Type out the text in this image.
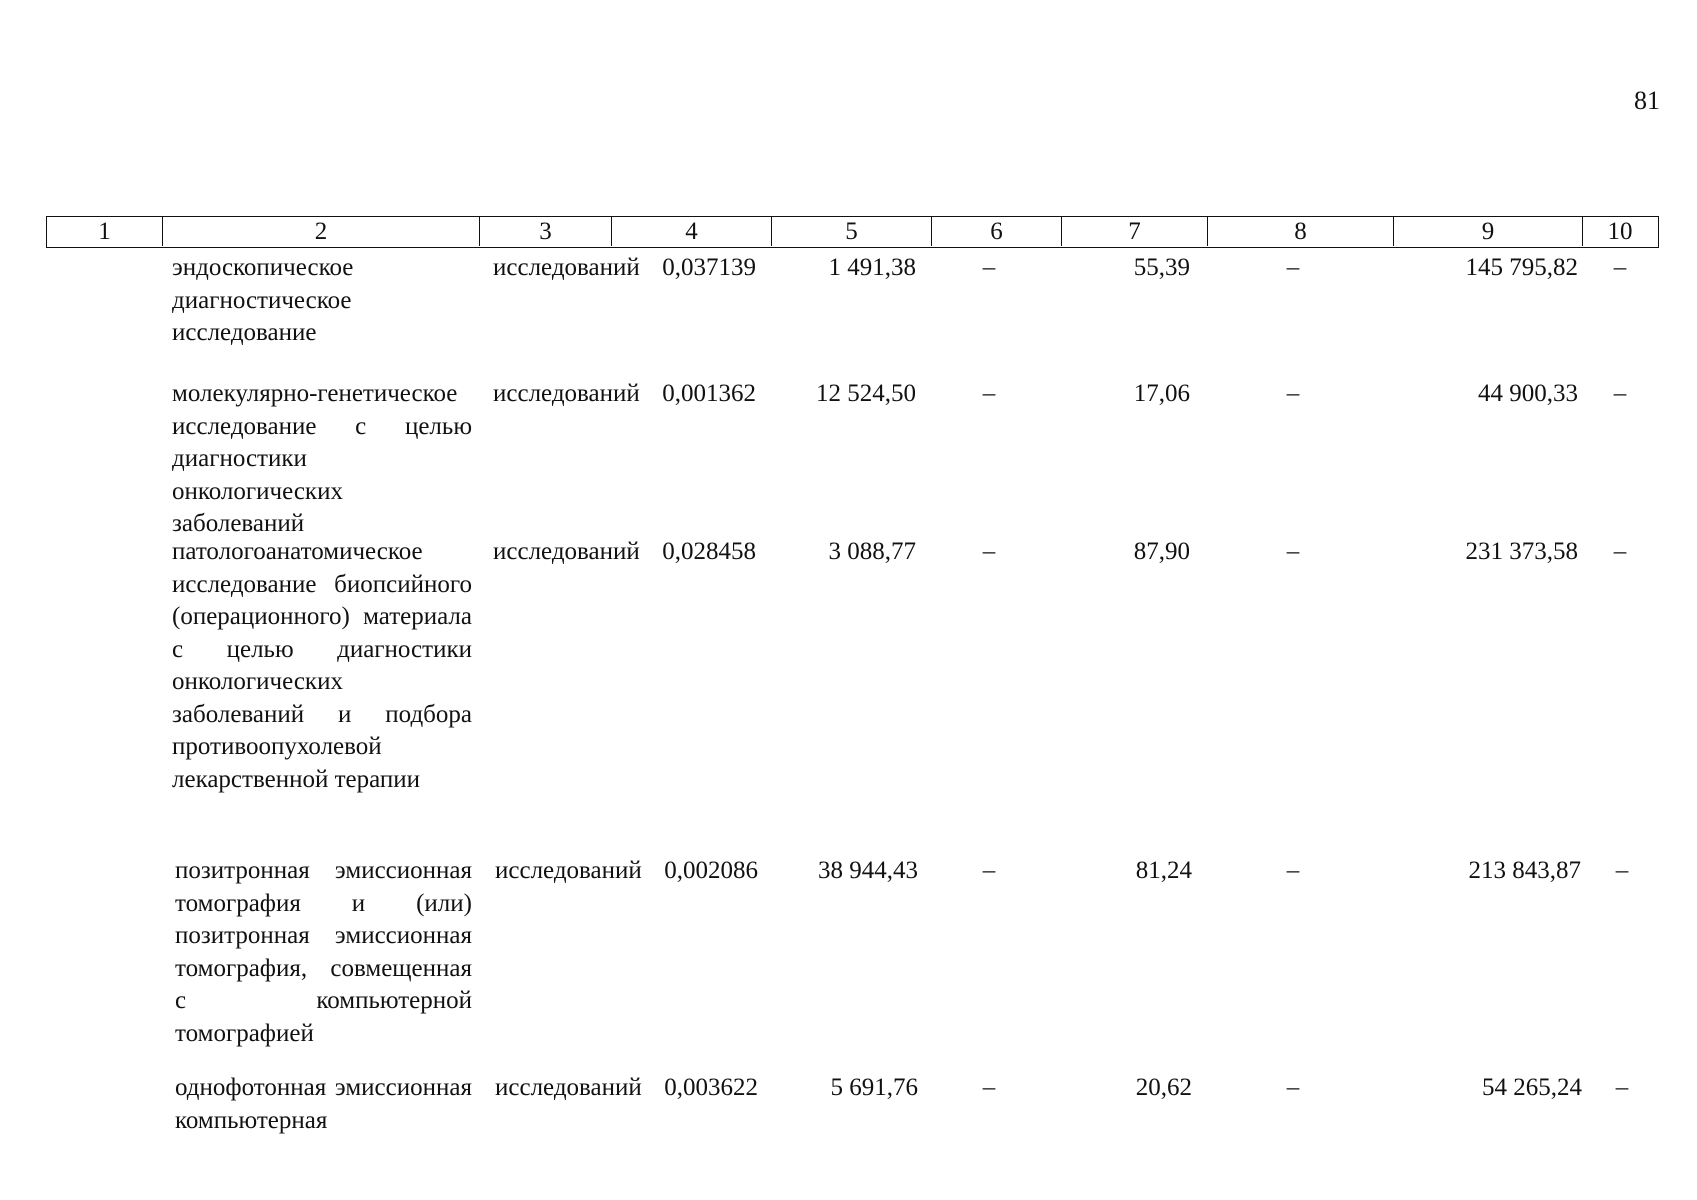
81
1	2	3	4	5	6	7	8	9	10
эндоскопическое диагностическое исследование
исследований 0,037139	1 491,38	–	55,39	–	145 795,82	–
молекулярно-генетическое исследование с целью диагностики онкологических заболеваний
исследований 0,001362	12 524,50	–	17,06	–	44 900,33	–
патологоанатомическое исследование биопсийного (операционного) материала с целью диагностики онкологических заболеваний и подбора противоопухолевой лекарственной терапии
исследований 0,028458	3 088,77	–	87,90	–	231 373,58	–
позитронная эмиссионная томография и (или) позитронная эмиссионная томография, совмещенная с компьютерной томографией
исследований 0,002086	38 944,43	–	81,24	–	213 843,87	–
однофотонная эмиссионная компьютерная
исследований 0,003622	5 691,76	–	20,62	–	54 265,24	–
